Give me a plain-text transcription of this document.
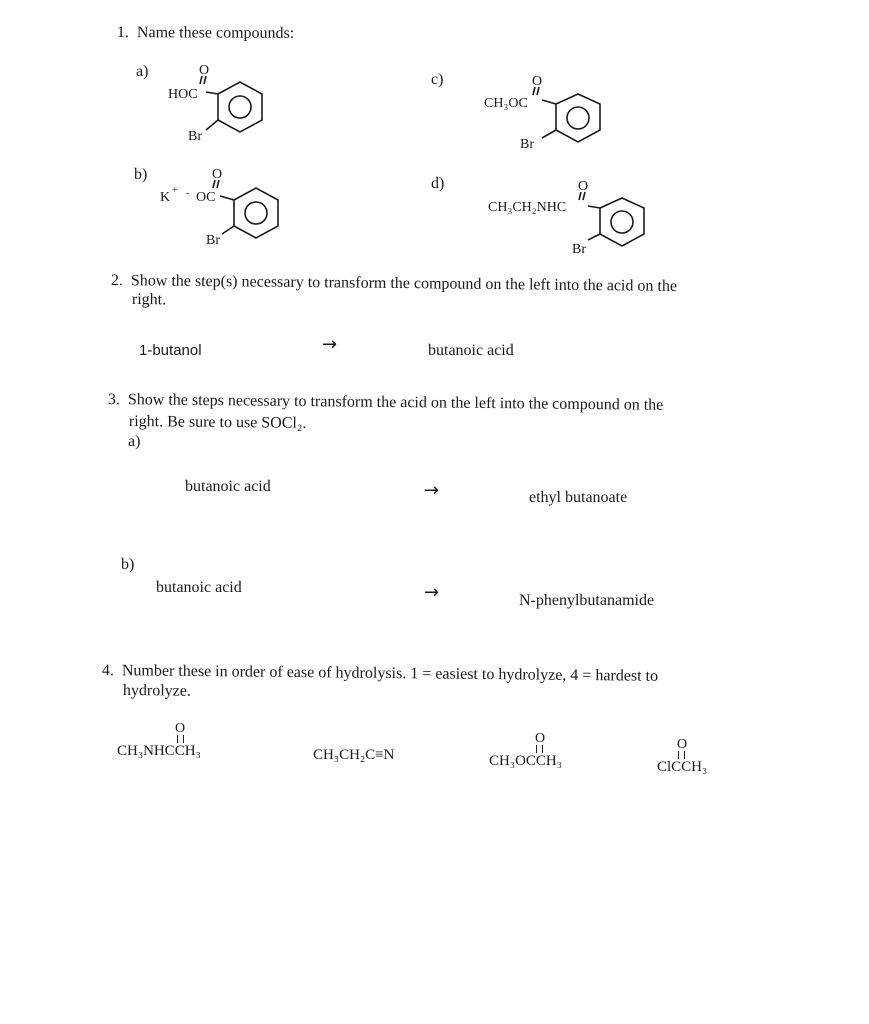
1. Name these compounds:
a)	O
HOC
Br
c)	O
CH₃OC
Br
b)	O
K + - OC
Br
d)	O
CH₃CH₂NHC
Br
2. Show the step(s) necessary to transform the compound on the left into the acid on the
right.
1-butanol	→	butanoic acid
3. Show the steps necessary to transform the acid on the left into the compound on the
right. Be sure to use SOCl₂.
a)
butanoic acid	→	ethyl butanoate
b)
butanoic acid	→	N-phenylbutanamide
4. Number these in order of ease of hydrolysis. 1 = easiest to hydrolyze, 4 = hardest to
hydrolyze.
O
CH₃NHCCH₃	CH₃CH₂C≡N
O
CH₃OCCH₃
O
ClCCH₃
